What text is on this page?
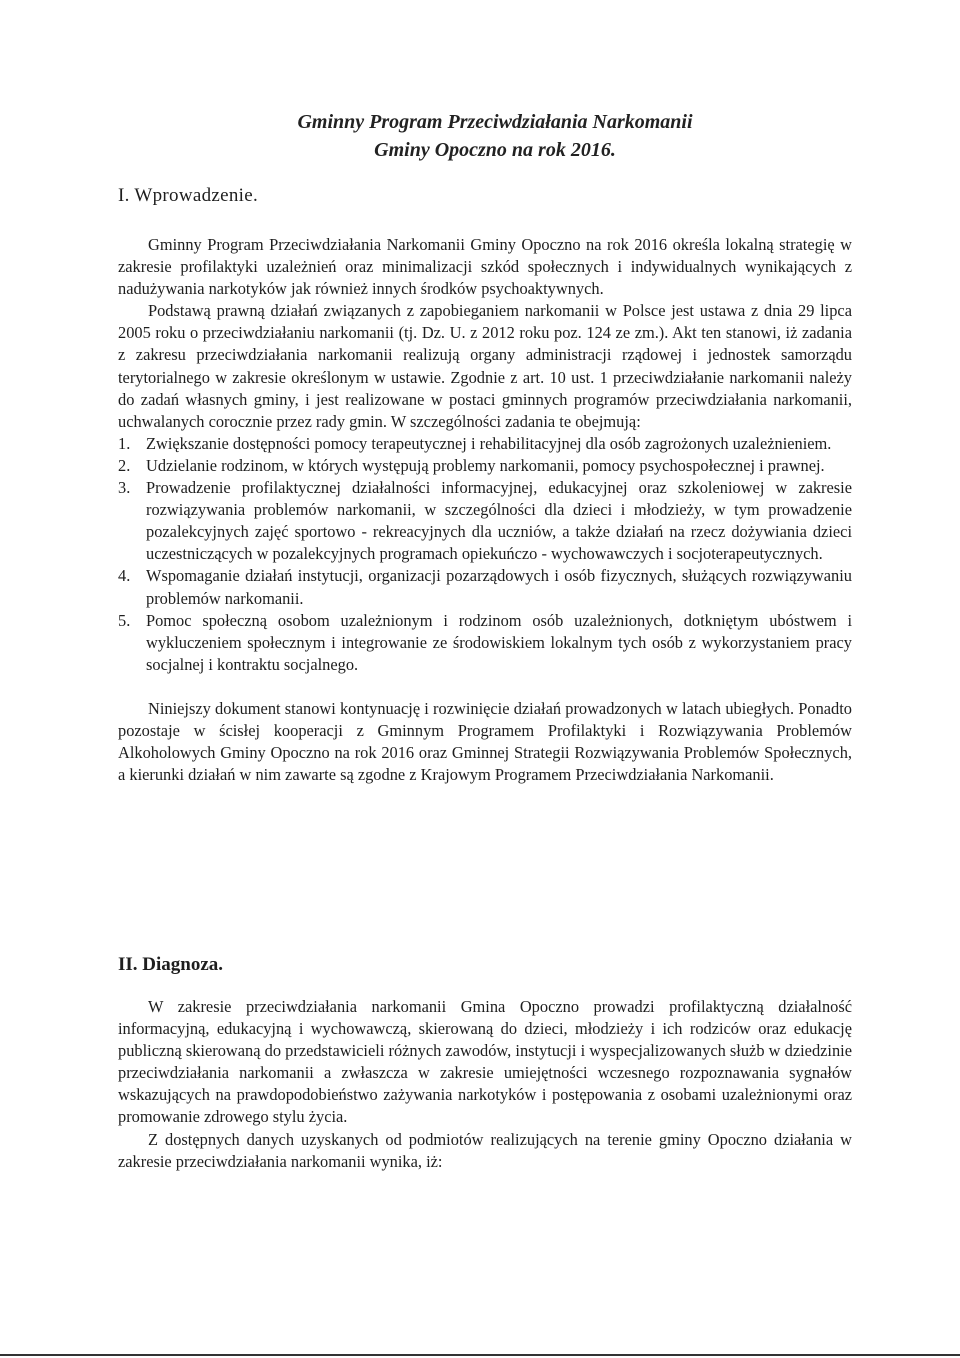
Gminny Program Przeciwdziałania Narkomanii
Gminy Opoczno na rok 2016.
I. Wprowadzenie.

Gminny Program Przeciwdziałania Narkomanii Gminy Opoczno na rok 2016 określa lokalną strategię w zakresie profilaktyki uzależnień oraz minimalizacji szkód społecznych i indywidualnych wynikających z nadużywania narkotyków jak również innych środków psychoaktywnych.

Podstawą prawną działań związanych z zapobieganiem narkomanii w Polsce jest ustawa z dnia 29 lipca 2005 roku o przeciwdziałaniu narkomanii (tj. Dz. U. z 2012 roku poz. 124 ze zm.). Akt ten stanowi, iż zadania z zakresu przeciwdziałania narkomanii realizują organy administracji rządowej i jednostek samorządu terytorialnego w zakresie określonym w ustawie. Zgodnie z art. 10 ust. 1 przeciwdziałanie narkomanii należy do zadań własnych gminy, i jest realizowane w postaci gminnych programów przeciwdziałania narkomanii, uchwalanych corocznie przez rady gmin. W szczególności zadania te obejmują:

1. Zwiększanie dostępności pomocy terapeutycznej i rehabilitacyjnej dla osób zagrożonych uzależnieniem.
2. Udzielanie rodzinom, w których występują problemy narkomanii, pomocy psychospołecznej i prawnej.
3. Prowadzenie profilaktycznej działalności informacyjnej, edukacyjnej oraz szkoleniowej w zakresie rozwiązywania problemów narkomanii, w szczególności dla dzieci i młodzieży, w tym prowadzenie pozalekcyjnych zajęć sportowo - rekreacyjnych dla uczniów, a także działań na rzecz dożywiania dzieci uczestniczących w pozalekcyjnych programach opiekuńczo - wychowawczych i socjoterapeutycznych.
4. Wspomaganie działań instytucji, organizacji pozarządowych i osób fizycznych, służących rozwiązywaniu problemów narkomanii.
5. Pomoc społeczną osobom uzależnionym i rodzinom osób uzależnionych, dotkniętym ubóstwem i wykluczeniem społecznym i integrowanie ze środowiskiem lokalnym tych osób z wykorzystaniem pracy socjalnej i kontraktu socjalnego.

Niniejszy dokument stanowi kontynuację i rozwinięcie działań prowadzonych w latach ubiegłych. Ponadto pozostaje w ścisłej kooperacji z Gminnym Programem Profilaktyki i Rozwiązywania Problemów Alkoholowych Gminy Opoczno na rok 2016 oraz Gminnej Strategii Rozwiązywania Problemów Społecznych, a kierunki działań w nim zawarte są zgodne z Krajowym Programem Przeciwdziałania Narkomanii.

II. Diagnoza.

W zakresie przeciwdziałania narkomanii Gmina Opoczno prowadzi profilaktyczną działalność informacyjną, edukacyjną i wychowawczą, skierowaną do dzieci, młodzieży i ich rodziców oraz edukację publiczną skierowaną do przedstawicieli różnych zawodów, instytucji i wyspecjalizowanych służb w dziedzinie przeciwdziałania narkomanii a zwłaszcza w zakresie umiejętności wczesnego rozpoznawania sygnałów wskazujących na prawdopodobieństwo zażywania narkotyków i postępowania z osobami uzależnionymi oraz promowanie zdrowego stylu życia.

Z dostępnych danych uzyskanych od podmiotów realizujących na terenie gminy Opoczno działania w zakresie przeciwdziałania narkomanii wynika, iż:
